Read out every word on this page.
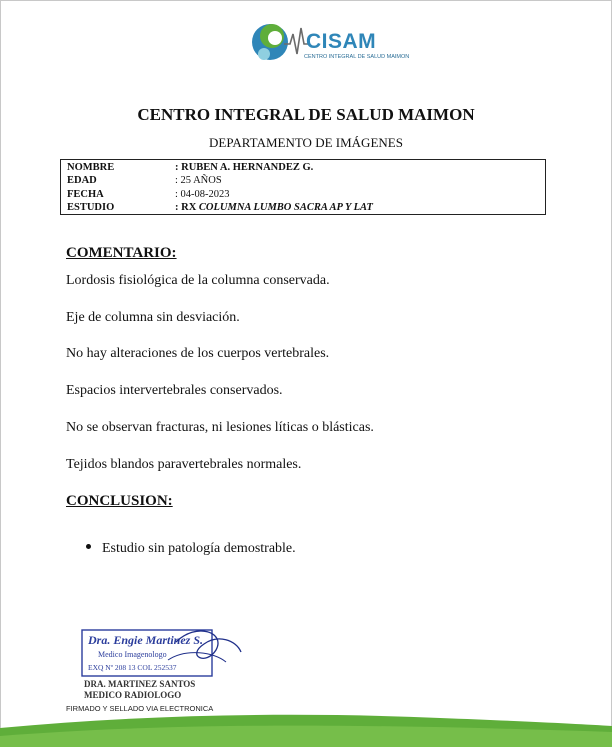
CISAM
CENTRO INTEGRAL DE SALUD MAIMON
CENTRO INTEGRAL DE SALUD MAIMON
DEPARTAMENTO DE IMÁGENES
NOMBRE	: RUBEN A. HERNANDEZ G.
EDAD	: 25 AÑOS
FECHA	: 04-08-2023
ESTUDIO	: RX COLUMNA LUMBO SACRA AP Y LAT
COMENTARIO:
Lordosis fisiológica de la columna conservada.
Eje de columna sin desviación.
No hay alteraciones de los cuerpos vertebrales.
Espacios intervertebrales conservados.
No se observan fracturas, ni lesiones líticas o blásticas.
Tejidos blandos paravertebrales normales.
CONCLUSION:
Estudio sin patología demostrable.
Dra. Engie Martinez S.
Medico Imagenologo
EXQ Nº 208 13 COL 252537
DRA. MARTINEZ SANTOS
MEDICO RADIOLOGO
FIRMADO Y SELLADO VIA ELECTRONICA
